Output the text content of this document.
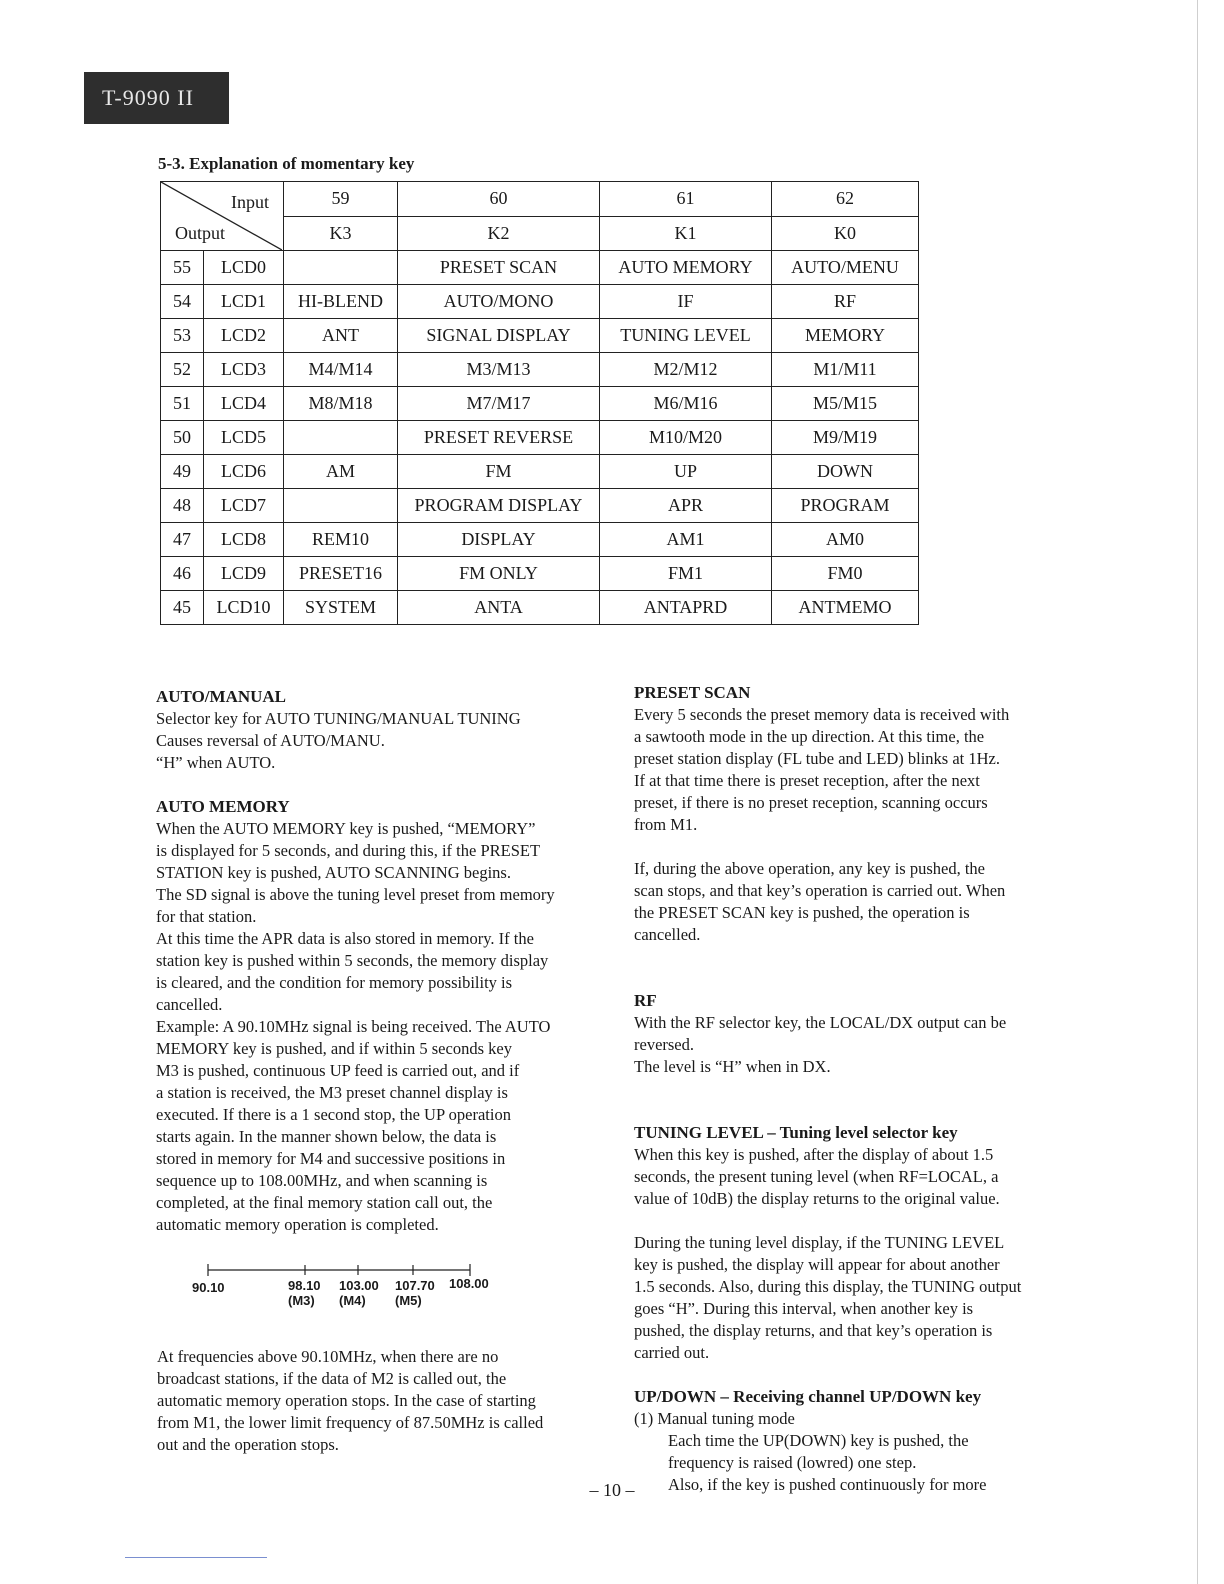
T-9090 II
5-3. Explanation of momentary key
Input
Output		59	60	61	62
		K3	K2	K1	K0
55	LCD0		PRESET SCAN	AUTO MEMORY	AUTO/MENU
54	LCD1	HI-BLEND	AUTO/MONO	IF	RF
53	LCD2	ANT	SIGNAL DISPLAY	TUNING LEVEL	MEMORY
52	LCD3	M4/M14	M3/M13	M2/M12	M1/M11
51	LCD4	M8/M18	M7/M17	M6/M16	M5/M15
50	LCD5		PRESET REVERSE	M10/M20	M9/M19
49	LCD6	AM	FM	UP	DOWN
48	LCD7		PROGRAM DISPLAY	APR	PROGRAM
47	LCD8	REM10	DISPLAY	AM1	AM0
46	LCD9	PRESET16	FM ONLY	FM1	FM0
45	LCD10	SYSTEM	ANTA	ANTAPRD	ANTMEMO
AUTO/MANUAL

Selector key for AUTO TUNING/MANUAL TUNING

Causes reversal of AUTO/MANU.

“H” when AUTO.

AUTO MEMORY

When the AUTO MEMORY key is pushed, “MEMORY”

is displayed for 5 seconds, and during this, if the PRESET

STATION key is pushed, AUTO SCANNING begins.

The SD signal is above the tuning level preset from memory

for that station.

At this time the APR data is also stored in memory. If the

station key is pushed within 5 seconds, the memory display

is cleared, and the condition for memory possibility is

cancelled.

Example: A 90.10MHz signal is being received. The AUTO

MEMORY key is pushed, and if within 5 seconds key

M3 is pushed, continuous UP feed is carried out, and if

a station is received, the M3 preset channel display is

executed. If there is a 1 second stop, the UP operation

starts again. In the manner shown below, the data is

stored in memory for M4 and successive positions in

sequence up to 108.00MHz, and when scanning is

completed, at the final memory station call out, the

automatic memory operation is completed.

90.10	98.10 103.00 107.70 108.00
(M3) (M4) (M5)

At frequencies above 90.10MHz, when there are no

broadcast stations, if the data of M2 is called out, the

automatic memory operation stops. In the case of starting

from M1, the lower limit frequency of 87.50MHz is called

out and the operation stops.

PRESET SCAN

Every 5 seconds the preset memory data is received with

a sawtooth mode in the up direction. At this time, the

preset station display (FL tube and LED) blinks at 1Hz.

If at that time there is preset reception, after the next

preset, if there is no preset reception, scanning occurs

from M1.

If, during the above operation, any key is pushed, the

scan stops, and that key’s operation is carried out. When

the PRESET SCAN key is pushed, the operation is

cancelled.

RF

With the RF selector key, the LOCAL/DX output can be

reversed.

The level is “H” when in DX.

TUNING LEVEL – Tuning level selector key

When this key is pushed, after the display of about 1.5

seconds, the present tuning level (when RF=LOCAL, a

value of 10dB) the display returns to the original value.

During the tuning level display, if the TUNING LEVEL

key is pushed, the display will appear for about another

1.5 seconds. Also, during this display, the TUNING output

goes “H”. During this interval, when another key is

pushed, the display returns, and that key’s operation is

carried out.

UP/DOWN – Receiving channel UP/DOWN key

(1) Manual tuning mode

Each time the UP(DOWN) key is pushed, the

frequency is raised (lowred) one step.

Also, if the key is pushed continuously for more

– 10 –
